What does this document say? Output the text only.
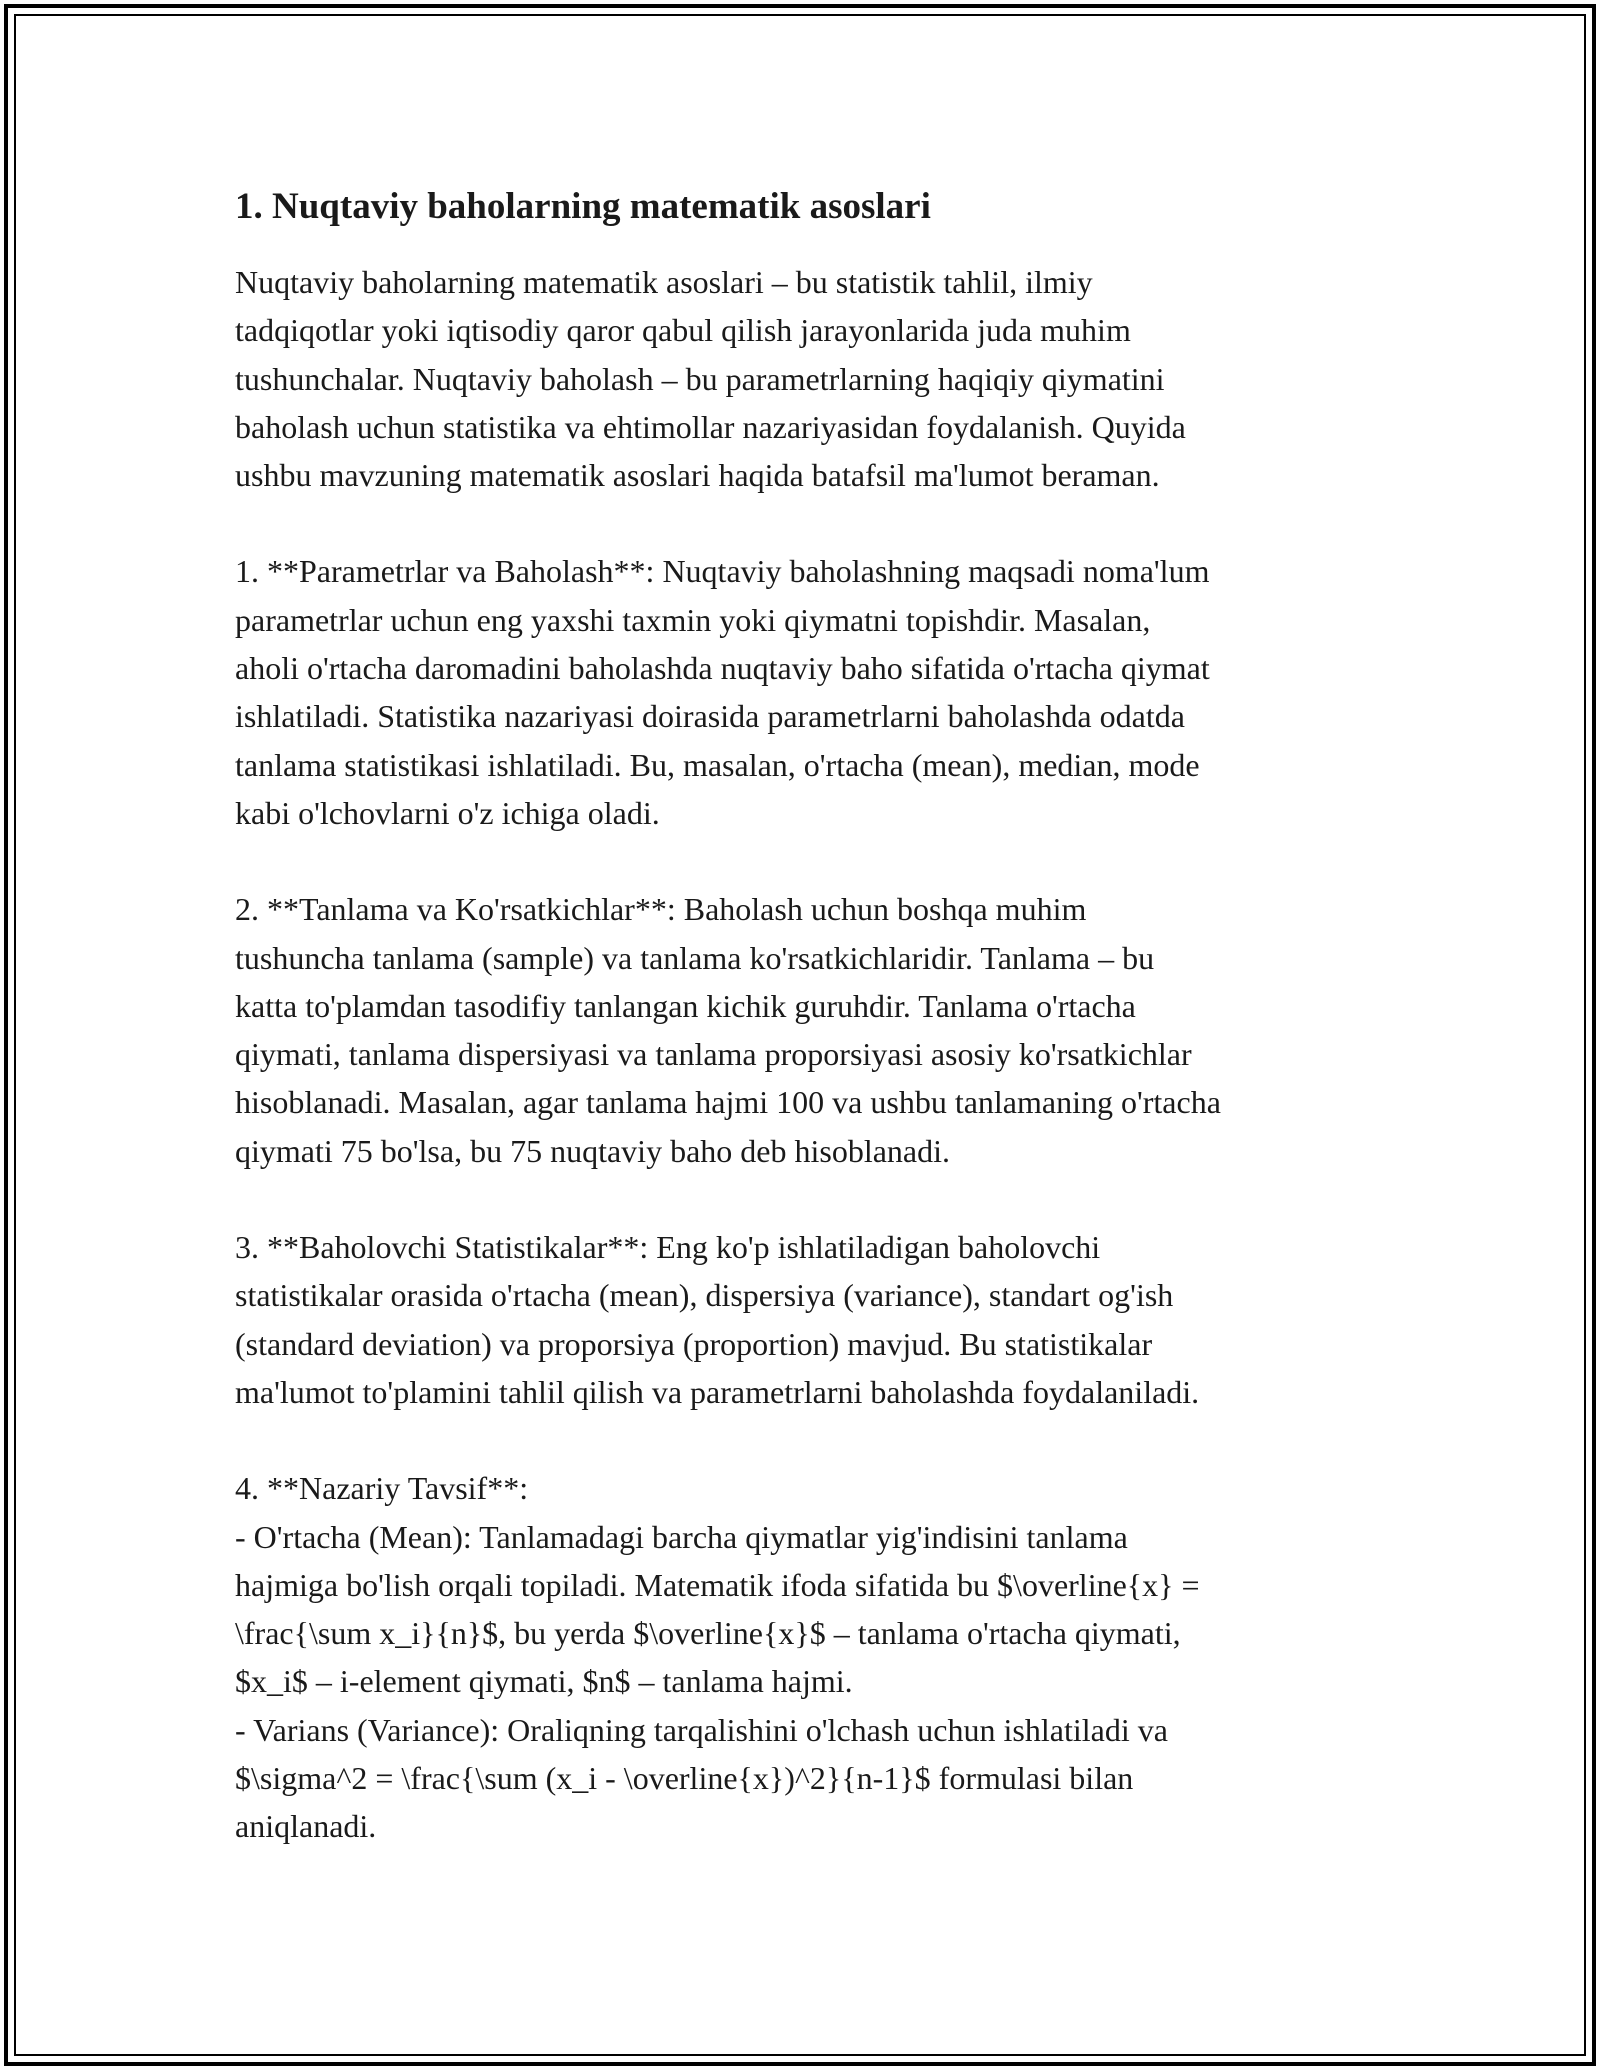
1. Nuqtaviy baholarning matematik asoslari

Nuqtaviy baholarning matematik asoslari – bu statistik tahlil, ilmiy
tadqiqotlar yoki iqtisodiy qaror qabul qilish jarayonlarida juda muhim
tushunchalar. Nuqtaviy baholash – bu parametrlarning haqiqiy qiymatini
baholash uchun statistika va ehtimollar nazariyasidan foydalanish. Quyida
ushbu mavzuning matematik asoslari haqida batafsil ma'lumot beraman.

1. **Parametrlar va Baholash**: Nuqtaviy baholashning maqsadi noma'lum
parametrlar uchun eng yaxshi taxmin yoki qiymatni topishdir. Masalan,
aholi o'rtacha daromadini baholashda nuqtaviy baho sifatida o'rtacha qiymat
ishlatiladi. Statistika nazariyasi doirasida parametrlarni baholashda odatda
tanlama statistikasi ishlatiladi. Bu, masalan, o'rtacha (mean), median, mode
kabi o'lchovlarni o'z ichiga oladi.

2. **Tanlama va Ko'rsatkichlar**: Baholash uchun boshqa muhim
tushuncha tanlama (sample) va tanlama ko'rsatkichlaridir. Tanlama – bu
katta to'plamdan tasodifiy tanlangan kichik guruhdir. Tanlama o'rtacha
qiymati, tanlama dispersiyasi va tanlama proporsiyasi asosiy ko'rsatkichlar
hisoblanadi. Masalan, agar tanlama hajmi 100 va ushbu tanlamaning o'rtacha
qiymati 75 bo'lsa, bu 75 nuqtaviy baho deb hisoblanadi.

3. **Baholovchi Statistikalar**: Eng ko'p ishlatiladigan baholovchi
statistikalar orasida o'rtacha (mean), dispersiya (variance), standart og'ish
(standard deviation) va proporsiya (proportion) mavjud. Bu statistikalar
ma'lumot to'plamini tahlil qilish va parametrlarni baholashda foydalaniladi.

4. **Nazariy Tavsif**:
- O'rtacha (Mean): Tanlamadagi barcha qiymatlar yig'indisini tanlama
hajmiga bo'lish orqali topiladi. Matematik ifoda sifatida bu $\overline{x} =
\frac{\sum x_i}{n}$, bu yerda $\overline{x}$ – tanlama o'rtacha qiymati,
$x_i$ – i-element qiymati, $n$ – tanlama hajmi.
- Varians (Variance): Oraliqning tarqalishini o'lchash uchun ishlatiladi va
$\sigma^2 = \frac{\sum (x_i - \overline{x})^2}{n-1}$ formulasi bilan
aniqlanadi.
